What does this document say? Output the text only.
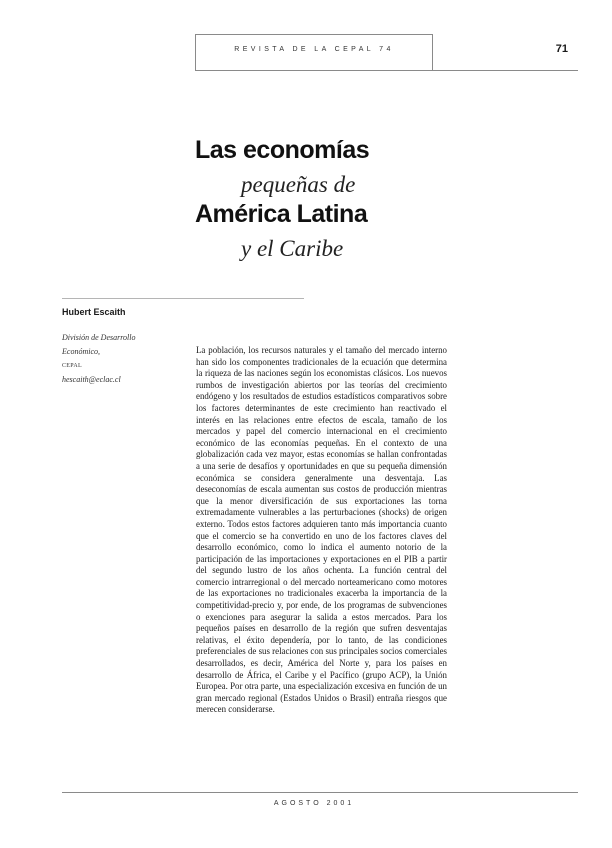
REVISTA DE LA CEPAL 74	71
Las economías
pequeñas de
América Latina
y el Caribe
Hubert Escaith
División de Desarrollo
Económico,
CEPAL
hescaith@eclac.cl

La población, los recursos naturales y el tamaño del mercado interno han sido los componentes tradicionales de la ecuación que determina la riqueza de las naciones según los economistas clásicos. Los nuevos rumbos de investigación abiertos por las teorías del crecimiento endógeno y los resultados de estudios estadísticos comparativos sobre los factores determinantes de este crecimiento han reactivado el interés en las relaciones entre efectos de escala, tamaño de los mercados y papel del comercio internacional en el crecimiento económico de las economías pequeñas. En el contexto de una globalización cada vez mayor, estas economías se hallan confrontadas a una serie de desafíos y oportunidades en que su pequeña dimensión económica se considera generalmente una desventaja. Las deseconomías de escala aumentan sus costos de producción mientras que la menor diversificación de sus exportaciones las torna extremadamente vulnerables a las perturbaciones (shocks) de origen externo. Todos estos factores adquieren tanto más importancia cuanto que el comercio se ha convertido en uno de los factores claves del desarrollo económico, como lo indica el aumento notorio de la participación de las importaciones y exportaciones en el PIB a partir del segundo lustro de los años ochenta. La función central del comercio intrarregional o del mercado norteamericano como motores de las exportaciones no tradicionales exacerba la importancia de la competitividad-precio y, por ende, de los programas de subvenciones o exenciones para asegurar la salida a estos mercados. Para los pequeños países en desarrollo de la región que sufren desventajas relativas, el éxito dependería, por lo tanto, de las condiciones preferenciales de sus relaciones con sus principales socios comerciales desarrollados, es decir, América del Norte y, para los países en desarrollo de África, el Caribe y el Pacífico (grupo ACP), la Unión Europea. Por otra parte, una especialización excesiva en función de un gran mercado regional (Estados Unidos o Brasil) entraña riesgos que merecen considerarse.

AGOSTO 2001
